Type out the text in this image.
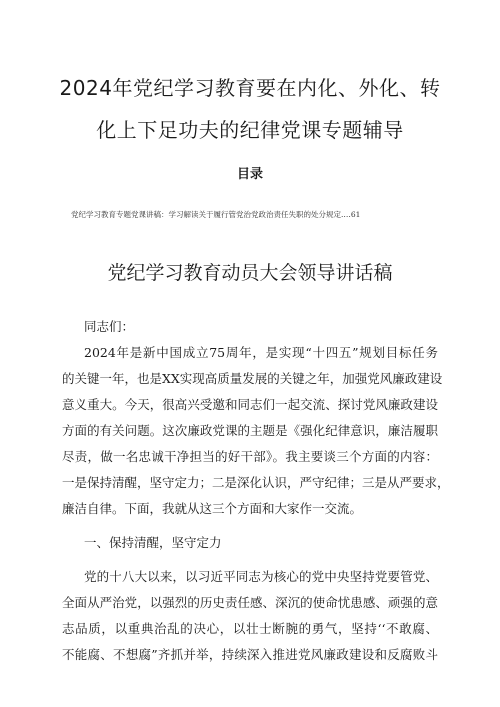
2024年党纪学习教育要在内化、外化、转
化上下足功夫的纪律党课专题辅导
目录
党纪学习教育专题党课讲稿：学习解读关于履行管党治党政治责任失职的处分规定.…61
党纪学习教育动员大会领导讲话稿
同志们：
2024年是新中国成立75周年，是实现“十四五”规划目标任务
的关键一年，也是XX实现高质量发展的关键之年，加强党风廉政建设
意义重大。今天，很高兴受邀和同志们一起交流、探讨党风廉政建设
方面的有关问题。这次廉政党课的主题是《强化纪律意识，廉洁履职
尽责，做一名忠诚干净担当的好干部》。我主要谈三个方面的内容：
一是保持清醒，坚守定力；二是深化认识，严守纪律；三是从严要求，
廉洁自律。下面，我就从这三个方面和大家作一交流。
一、保持清醒，坚守定力
党的十八大以来，以习近平同志为核心的党中央坚持党要管党、
全面从严治党，以强烈的历史责任感、深沉的使命忧患感、顽强的意
志品质，以重典治乱的决心，以壮士断腕的勇气，坚持‘‘不敢腐、
不能腐、不想腐”齐抓并举，持续深入推进党风廉政建设和反腐败斗
